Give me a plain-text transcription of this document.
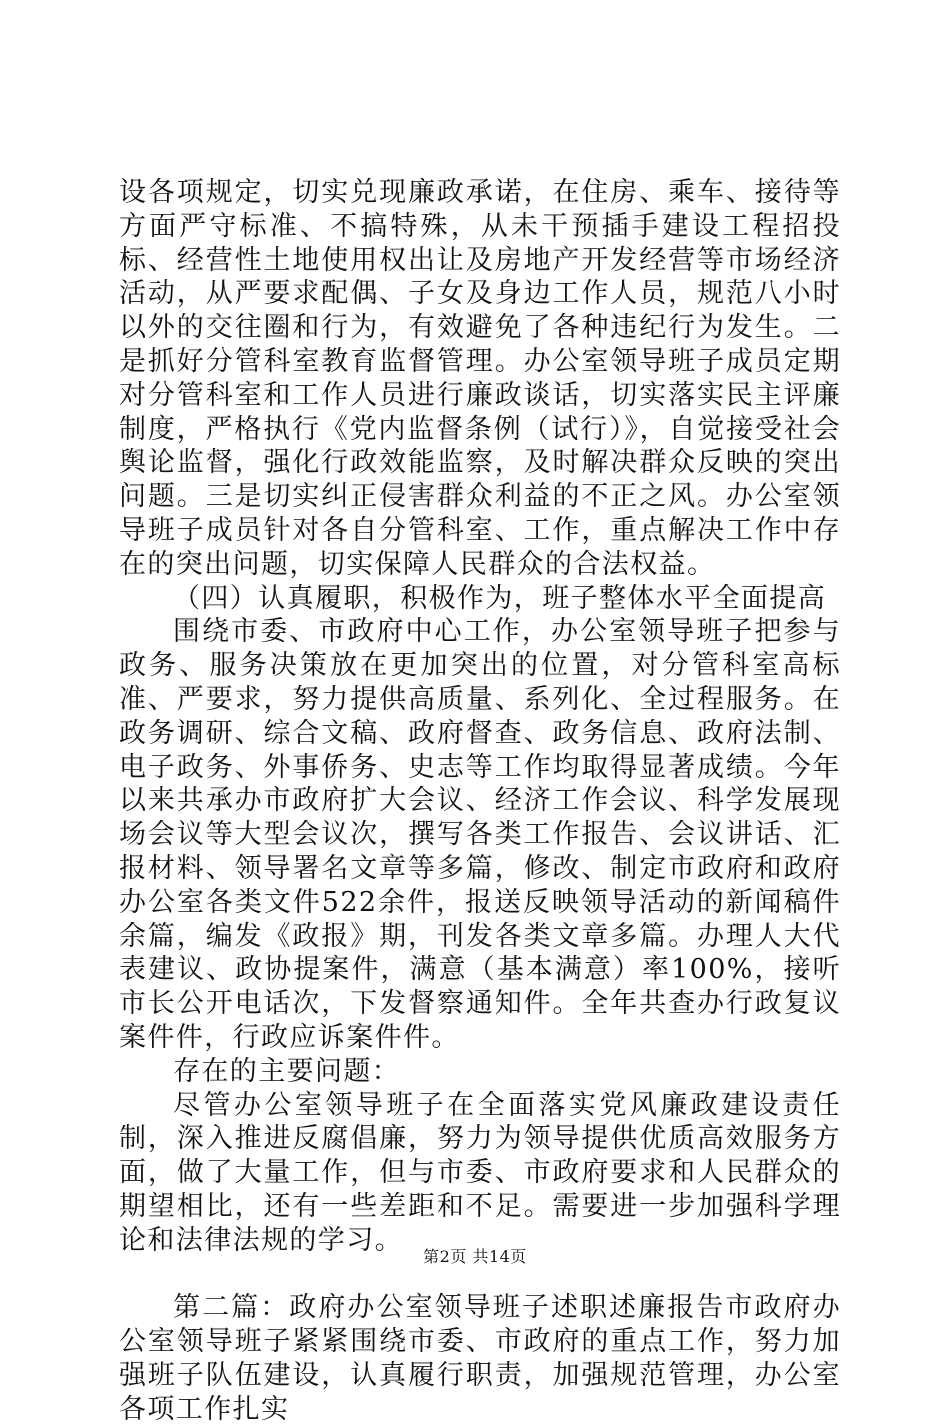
设各项规定，切实兑现廉政承诺，在住房、乘车、接待等方面严守标准、不搞特殊，从未干预插手建设工程招投标、经营性土地使用权出让及房地产开发经营等市场经济活动，从严要求配偶、子女及身边工作人员，规范八小时以外的交往圈和行为，有效避免了各种违纪行为发生。二是抓好分管科室教育监督管理。办公室领导班子成员定期对分管科室和工作人员进行廉政谈话，切实落实民主评廉制度，严格执行《党内监督条例（试行）》，自觉接受社会舆论监督，强化行政效能监察，及时解决群众反映的突出问题。三是切实纠正侵害群众利益的不正之风。办公室领导班子成员针对各自分管科室、工作，重点解决工作中存在的突出问题，切实保障人民群众的合法权益。

（四）认真履职，积极作为，班子整体水平全面提高

围绕市委、市政府中心工作，办公室领导班子把参与政务、服务决策放在更加突出的位置，对分管科室高标准、严要求，努力提供高质量、系列化、全过程服务。在政务调研、综合文稿、政府督查、政务信息、政府法制、电子政务、外事侨务、史志等工作均取得显著成绩。今年以来共承办市政府扩大会议、经济工作会议、科学发展现场会议等大型会议次，撰写各类工作报告、会议讲话、汇报材料、领导署名文章等多篇，修改、制定市政府和政府办公室各类文件522余件，报送反映领导活动的新闻稿件余篇，编发《政报》期，刊发各类文章多篇。办理人大代表建议、政协提案件，满意（基本满意）率100%，接听市长公开电话次，下发督察通知件。全年共查办行政复议案件件，行政应诉案件件。

存在的主要问题：

尽管办公室领导班子在全面落实党风廉政建设责任制，深入推进反腐倡廉，努力为领导提供优质高效服务方面，做了大量工作，但与市委、市政府要求和人民群众的期望相比，还有一些差距和不足。需要进一步加强科学理论和法律法规的学习。

第二篇：政府办公室领导班子述职述廉报告市政府办公室领导班子紧紧围绕市委、市政府的重点工作，努力加强班子队伍建设，认真履行职责，加强规范管理，办公室各项工作扎实

第2页 共14页
